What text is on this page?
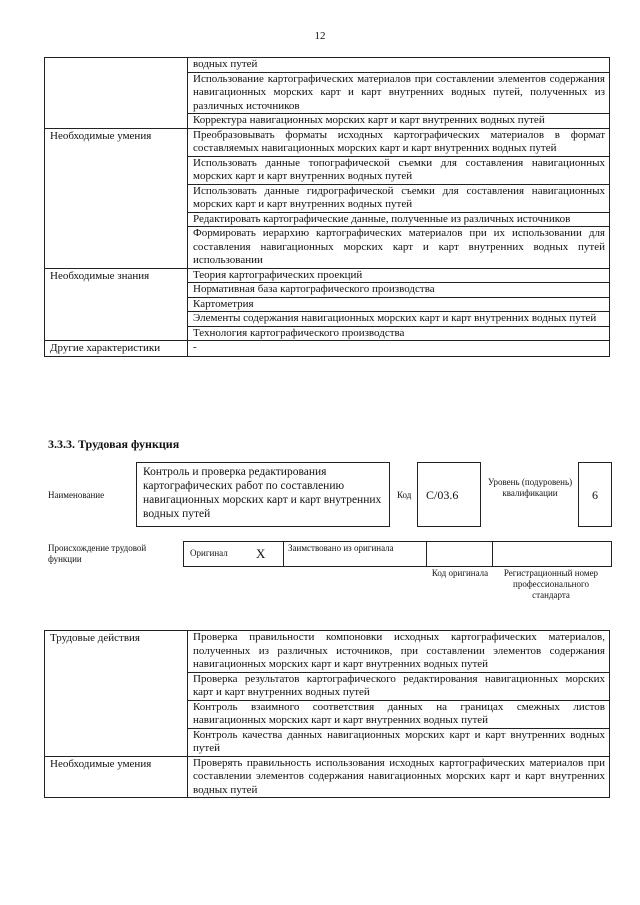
12
	водных путей
	Использование картографических материалов при составлении элементов содержания навигационных морских карт и карт внутренних водных путей, полученных из различных источников
	Корректура навигационных морских карт и карт внутренних водных путей
Необходимые умения	Преобразовывать форматы исходных картографических материалов в формат составляемых навигационных морских карт и карт внутренних водных путей
	Использовать данные топографической съемки для составления навигационных морских карт и карт внутренних водных путей
	Использовать данные гидрографической съемки для составления навигационных морских карт и карт внутренних водных путей
	Редактировать картографические данные, полученные из различных источников
	Формировать иерархию картографических материалов при их использовании для составления навигационных морских карт и карт внутренних водных путей использовании
Необходимые знания	Теория картографических проекций
	Нормативная база картографического производства
	Картометрия
	Элементы содержания навигационных морских карт и карт внутренних водных путей
	Технология картографического производства
Другие характеристики	-
3.3.3. Трудовая функция
Наименование
Контроль и проверка редактирования картографических работ по составлению навигационных морских карт и карт внутренних водных путей
Код C/03.6
Уровень (подуровень) квалификации	6
Происхождение трудовой функции
Оригинал X	Заимствовано из оригинала
Код оригинала	Регистрационный номер профессионального стандарта
Трудовые действия	Проверка правильности компоновки исходных картографических материалов, полученных из различных источников, при составлении элементов содержания навигационных морских карт и карт внутренних водных путей
	Проверка результатов картографического редактирования навигационных морских карт и карт внутренних водных путей
	Контроль взаимного соответствия данных на границах смежных листов навигационных морских карт и карт внутренних водных путей
	Контроль качества данных навигационных морских карт и карт внутренних водных путей
Необходимые умения	Проверять правильность использования исходных картографических материалов при составлении элементов содержания навигационных морских карт и карт внутренних водных путей
